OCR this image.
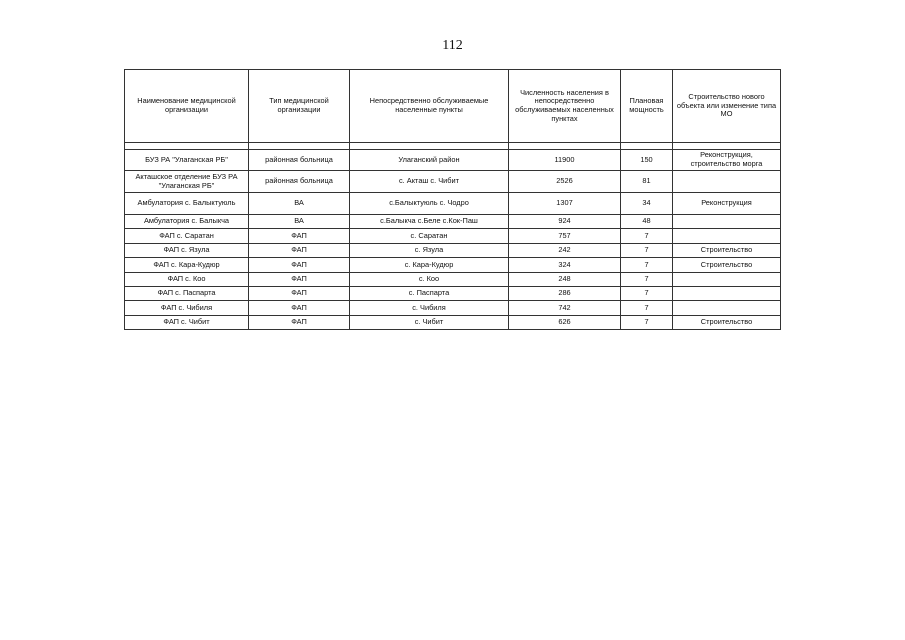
112
Наименование медицинской организации	Тип медицинской организации	Непосредственно обслуживаемые населенные пункты	Численность населения в непосредственно обслуживаемых населенных пунктах	Плановая мощность	Строительство нового объекта или изменение типа МО

БУЗ РА "Улаганская РБ"	районная больница	Улаганский район	11900	150	Реконструкция, строительство морга
Акташское отделение БУЗ РА "Улаганская РБ"	районная больница	с. Акташ с. Чибит	2526	81	
Амбулатория с. Балыктуюль	ВА	с.Балыктуюль с. Чодро	1307	34	Реконструкция
Амбулатория с. Балыкча	ВА	с.Балыкча с.Беле с.Кок-Паш	924	48	
ФАП с. Саратан	ФАП	с. Саратан	757	7	
ФАП с. Язула	ФАП	с. Язула	242	7	Строительство
ФАП с. Кара-Кудюр	ФАП	с. Кара-Кудюр	324	7	Строительство
ФАП с. Коо	ФАП	с. Коо	248	7	
ФАП с. Паспарта	ФАП	с. Паспарта	286	7	
ФАП с. Чибиля	ФАП	с. Чибиля	742	7	
ФАП с. Чибит	ФАП	с. Чибит	626	7	Строительство
